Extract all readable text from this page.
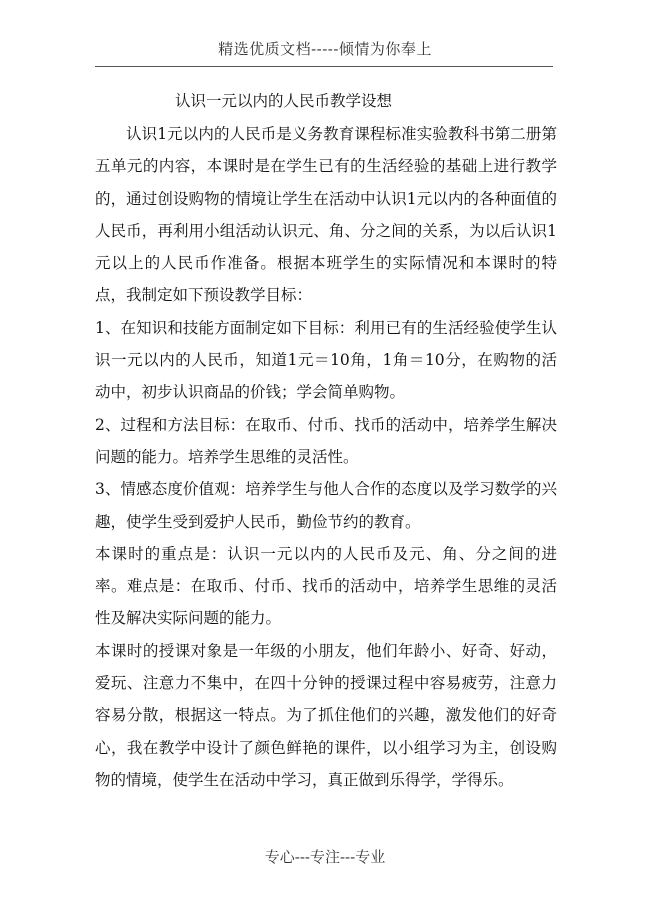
精选优质文档-----倾情为你奉上
认识一元以内的人民币教学设想

认识1元以内的人民币是义务教育课程标准实验教科书第二册第五单元的内容，本课时是在学生已有的生活经验的基础上进行教学的，通过创设购物的情境让学生在活动中认识1元以内的各种面值的人民币，再利用小组活动认识元、角、分之间的关系，为以后认识1元以上的人民币作准备。根据本班学生的实际情况和本课时的特点，我制定如下预设教学目标：

1、在知识和技能方面制定如下目标：利用已有的生活经验使学生认识一元以内的人民币，知道1元＝10角，1角＝10分，在购物的活动中，初步认识商品的价钱；学会简单购物。

2、过程和方法目标：在取币、付币、找币的活动中，培养学生解决问题的能力。培养学生思维的灵活性。

3、情感态度价值观：培养学生与他人合作的态度以及学习数学的兴趣，使学生受到爱护人民币，勤俭节约的教育。

本课时的重点是：认识一元以内的人民币及元、角、分之间的进率。难点是：在取币、付币、找币的活动中，培养学生思维的灵活性及解决实际问题的能力。

本课时的授课对象是一年级的小朋友，他们年龄小、好奇、好动，爱玩、注意力不集中，在四十分钟的授课过程中容易疲劳，注意力容易分散，根据这一特点。为了抓住他们的兴趣，激发他们的好奇心，我在教学中设计了颜色鲜艳的课件，以小组学习为主，创设购物的情境，使学生在活动中学习，真正做到乐得学，学得乐。

专心---专注---专业
